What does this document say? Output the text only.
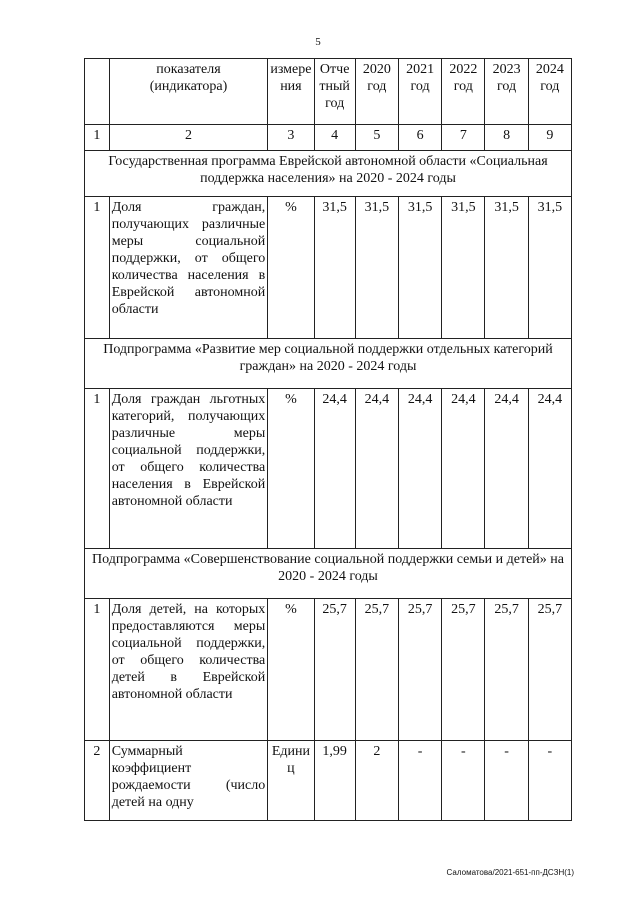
5
	показателя (индикатора)	измере ния	Отче тный год	2020 год	2021 год	2022 год	2023 год	2024 год
1	2	3	4	5	6	7	8	9
Государственная программа Еврейской автономной области «Социальная поддержка населения» на 2020 - 2024 годы								
1	Доля граждан, получающих различные меры социальной поддержки, от общего количества населения в Еврейской автономной области	%	31,5	31,5	31,5	31,5	31,5	31,5
Подпрограмма «Развитие мер социальной поддержки отдельных категорий граждан» на 2020 - 2024 годы								
1	Доля граждан льготных категорий, получающих различные меры социальной поддержки, от общего количества населения в Еврейской автономной области	%	24,4	24,4	24,4	24,4	24,4	24,4
Подпрограмма «Совершенствование социальной поддержки семьи и детей» на 2020 - 2024 годы								
1	Доля детей, на которых предоставляются меры социальной поддержки, от общего количества детей в Еврейской автономной области	%	25,7	25,7	25,7	25,7	25,7	25,7
2	Суммарный коэффициент рождаемости (число детей на одну	Едини ц	1,99	2	-	-	-	-
Саломатова/2021-651-пп-ДСЗН(1)
